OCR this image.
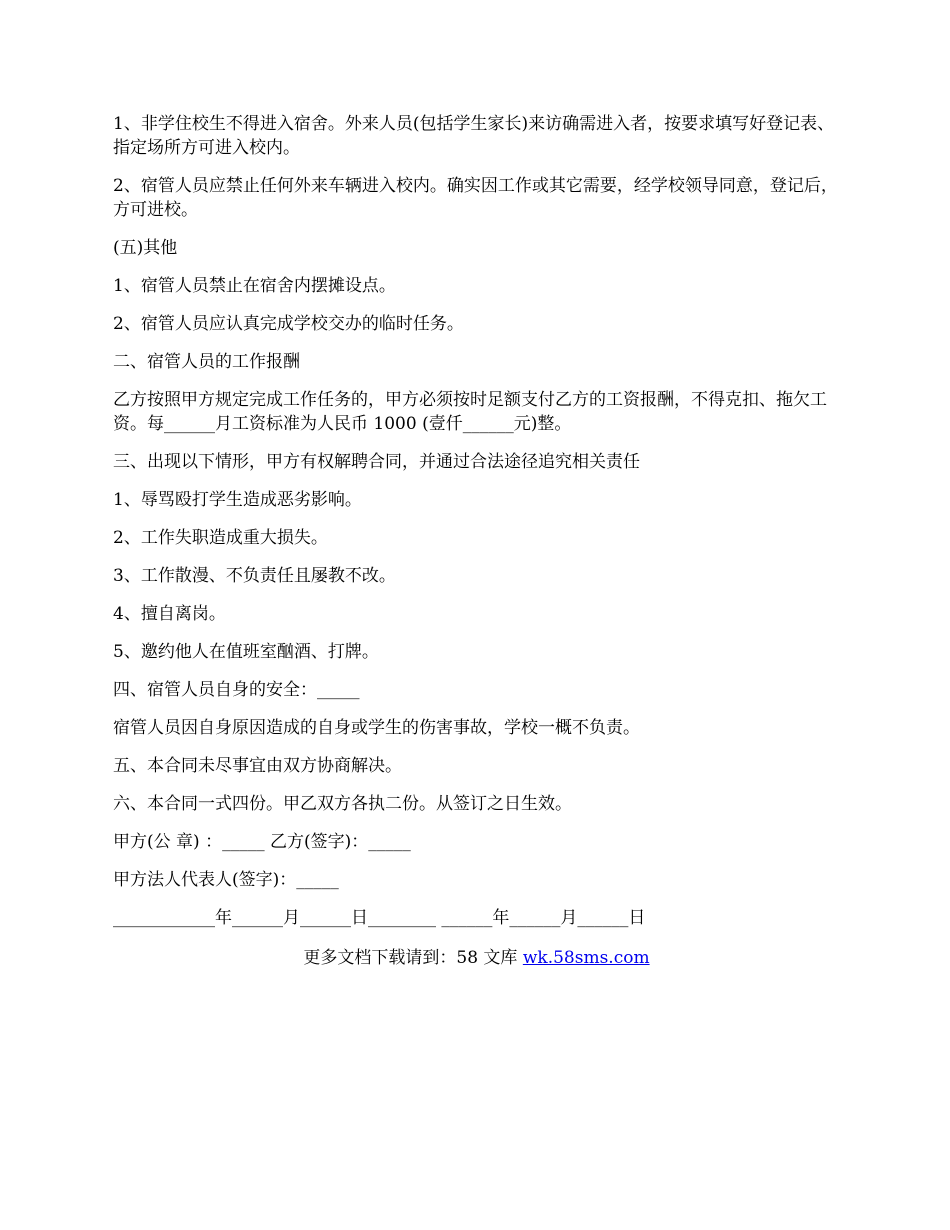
1、非学住校生不得进入宿舍。外来人员(包括学生家长)来访确需进入者，按要求填写好登记表、指定场所方可进入校内。

2、宿管人员应禁止任何外来车辆进入校内。确实因工作或其它需要，经学校领导同意，登记后，方可进校。

(五)其他

1、宿管人员禁止在宿舍内摆摊设点。

2、宿管人员应认真完成学校交办的临时任务。

二、宿管人员的工作报酬

乙方按照甲方规定完成工作任务的，甲方必须按时足额支付乙方的工资报酬，不得克扣、拖欠工资。每______月工资标准为人民币 1000 (壹仟______元)整。

三、出现以下情形，甲方有权解聘合同，并通过合法途径追究相关责任

1、辱骂殴打学生造成恶劣影响。

2、工作失职造成重大损失。

3、工作散漫、不负责任且屡教不改。

4、擅自离岗。

5、邀约他人在值班室酗酒、打牌。

四、宿管人员自身的安全：_____

宿管人员因自身原因造成的自身或学生的伤害事故，学校一概不负责。

五、本合同未尽事宜由双方协商解决。

六、本合同一式四份。甲乙双方各执二份。从签订之日生效。

甲方(公 章) ：_____ 乙方(签字)：_____

甲方法人代表人(签字)：_____

____________年______月______日________ ______年______月______日

更多文档下载请到：58 文库 wk.58sms.com
